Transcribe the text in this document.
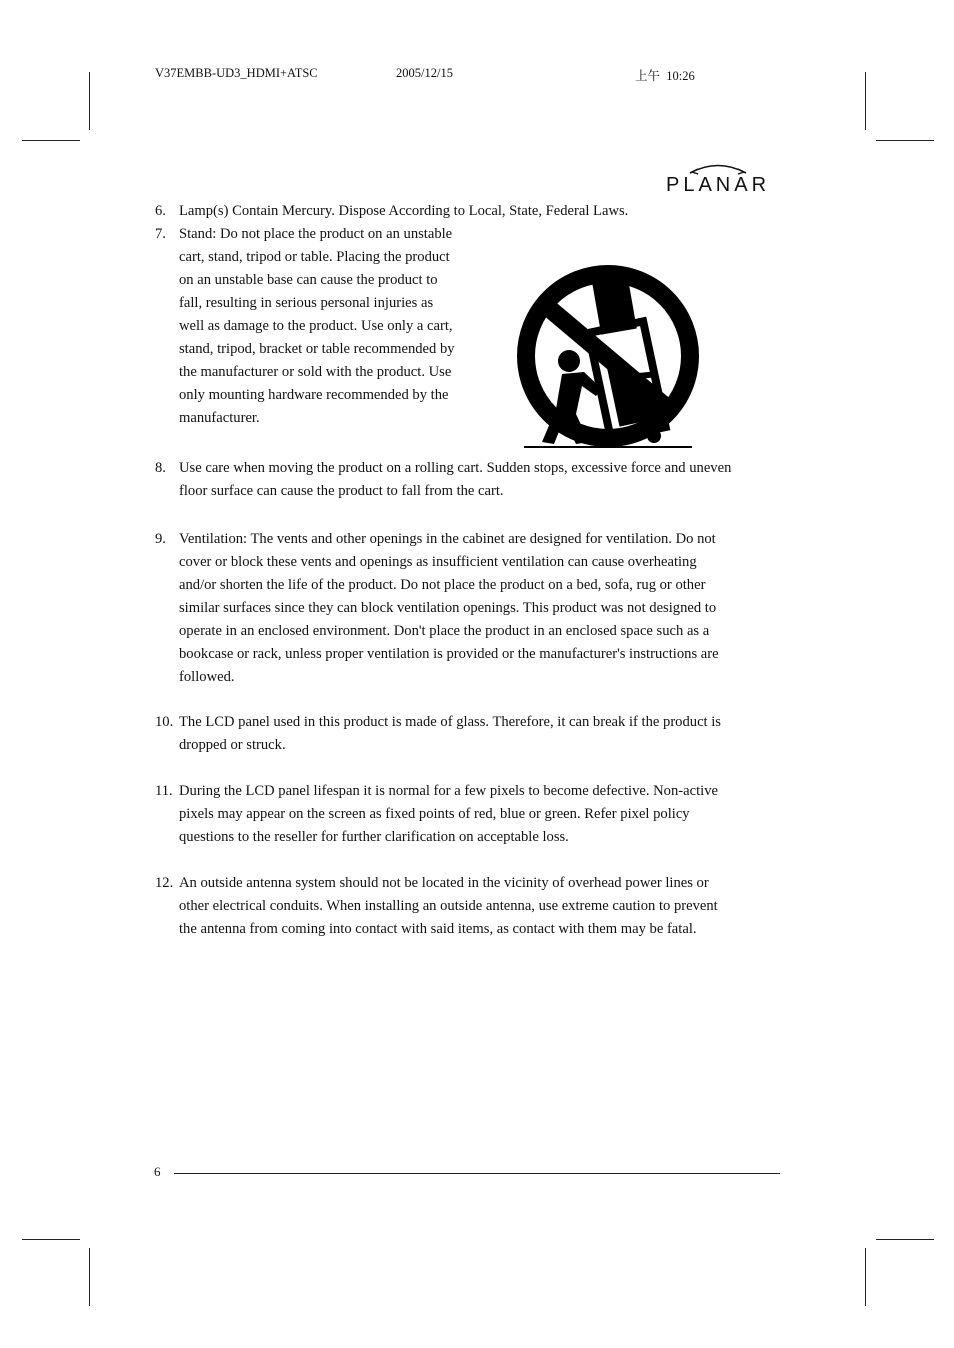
V37EMBB-UD3_HDMI+ATSC	2005/12/15	上午  10:26
PLANAR
6. Lamp(s) Contain Mercury. Dispose According to Local, State, Federal Laws.
7. Stand: Do not place the product on an unstable
cart, stand, tripod or table. Placing the product
on an unstable base can cause the product to
fall, resulting in serious personal injuries as
well as damage to the product. Use only a cart,
stand, tripod, bracket or table recommended by
the manufacturer or sold with the product. Use
only mounting hardware recommended by the
manufacturer.
8. Use care when moving the product on a rolling cart. Sudden stops, excessive force and uneven
floor surface can cause the product to fall from the cart.
9. Ventilation: The vents and other openings in the cabinet are designed for ventilation. Do not
cover or block these vents and openings as insufficient ventilation can cause overheating
and/or shorten the life of the product. Do not place the product on a bed, sofa, rug or other
similar surfaces since they can block ventilation openings. This product was not designed to
operate in an enclosed environment. Don't place the product in an enclosed space such as a
bookcase or rack, unless proper ventilation is provided or the manufacturer's instructions are
followed.
10. The LCD panel used in this product is made of glass. Therefore, it can break if the product is
dropped or struck.
11. During the LCD panel lifespan it is normal for a few pixels to become defective. Non-active
pixels may appear on the screen as fixed points of red, blue or green. Refer pixel policy
questions to the reseller for further clarification on acceptable loss.
12. An outside antenna system should not be located in the vicinity of overhead power lines or
other electrical conduits. When installing an outside antenna, use extreme caution to prevent
the antenna from coming into contact with said items, as contact with them may be fatal.
6
